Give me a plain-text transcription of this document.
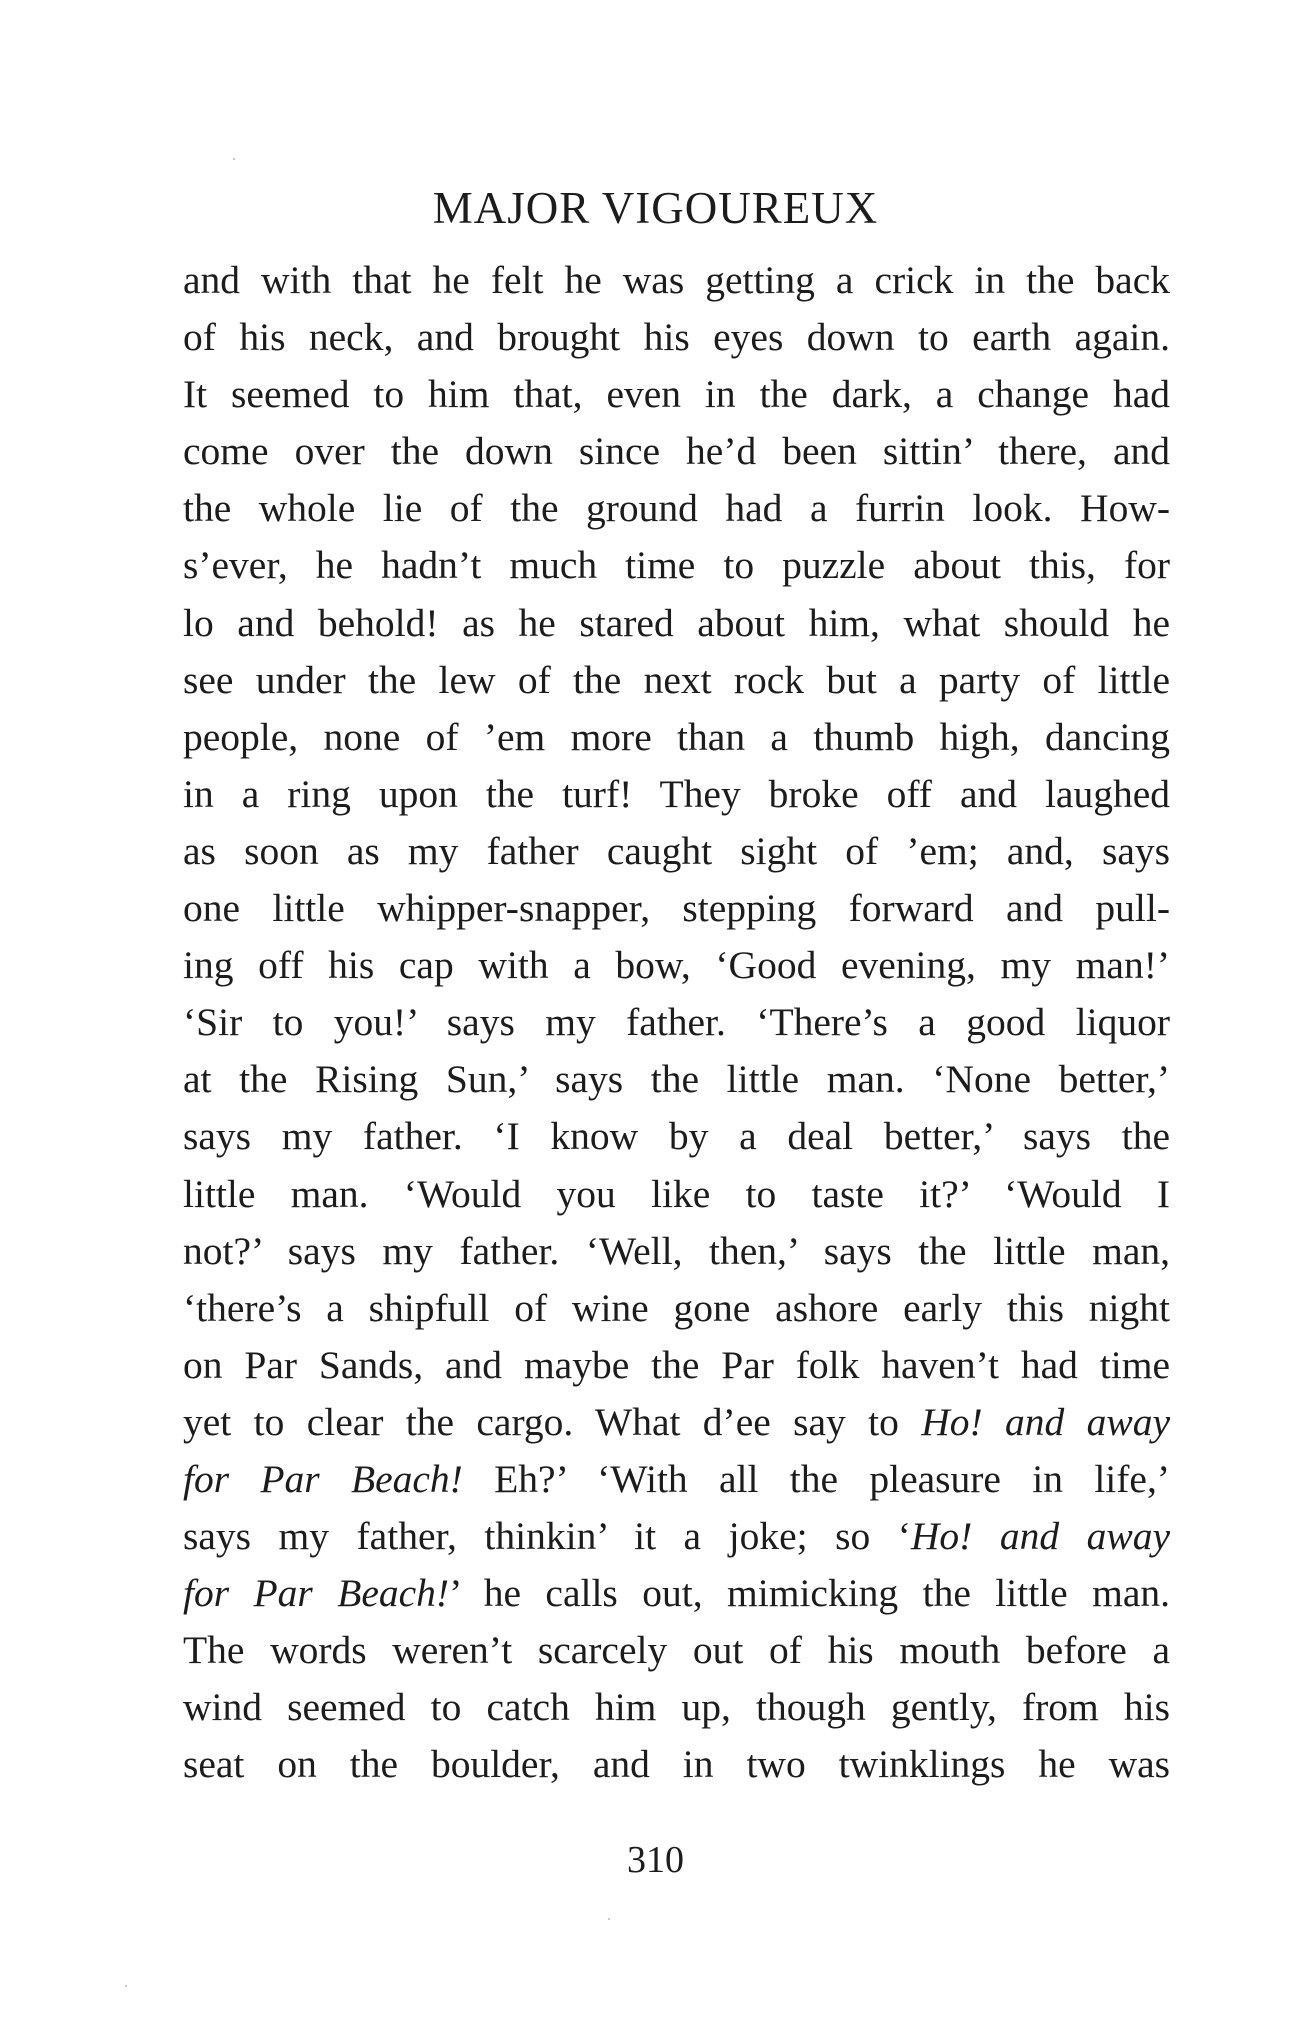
MAJOR VIGOUREUX
and with that he felt he was getting a crick in the back
of his neck, and brought his eyes down to earth again.
It seemed to him that, even in the dark, a change had
come over the down since he’d been sittin’ there, and
the whole lie of the ground had a furrin look. How-
s’ever, he hadn’t much time to puzzle about this, for
lo and behold! as he stared about him, what should he
see under the lew of the next rock but a party of little
people, none of ’em more than a thumb high, dancing
in a ring upon the turf! They broke off and laughed
as soon as my father caught sight of ’em; and, says
one little whipper-snapper, stepping forward and pull-
ing off his cap with a bow, ‘Good evening, my man!’
‘Sir to you!’ says my father. ‘There’s a good liquor
at the Rising Sun,’ says the little man. ‘None better,’
says my father. ‘I know by a deal better,’ says the
little man. ‘Would you like to taste it?’ ‘Would I
not?’ says my father. ‘Well, then,’ says the little man,
‘there’s a shipfull of wine gone ashore early this night
on Par Sands, and maybe the Par folk haven’t had time
yet to clear the cargo. What d’ee say to Ho! and away
for Par Beach! Eh?’ ‘With all the pleasure in life,’
says my father, thinkin’ it a joke; so ‘Ho! and away
for Par Beach!’ he calls out, mimicking the little man.
The words weren’t scarcely out of his mouth before a
wind seemed to catch him up, though gently, from his
seat on the boulder, and in two twinklings he was
310
